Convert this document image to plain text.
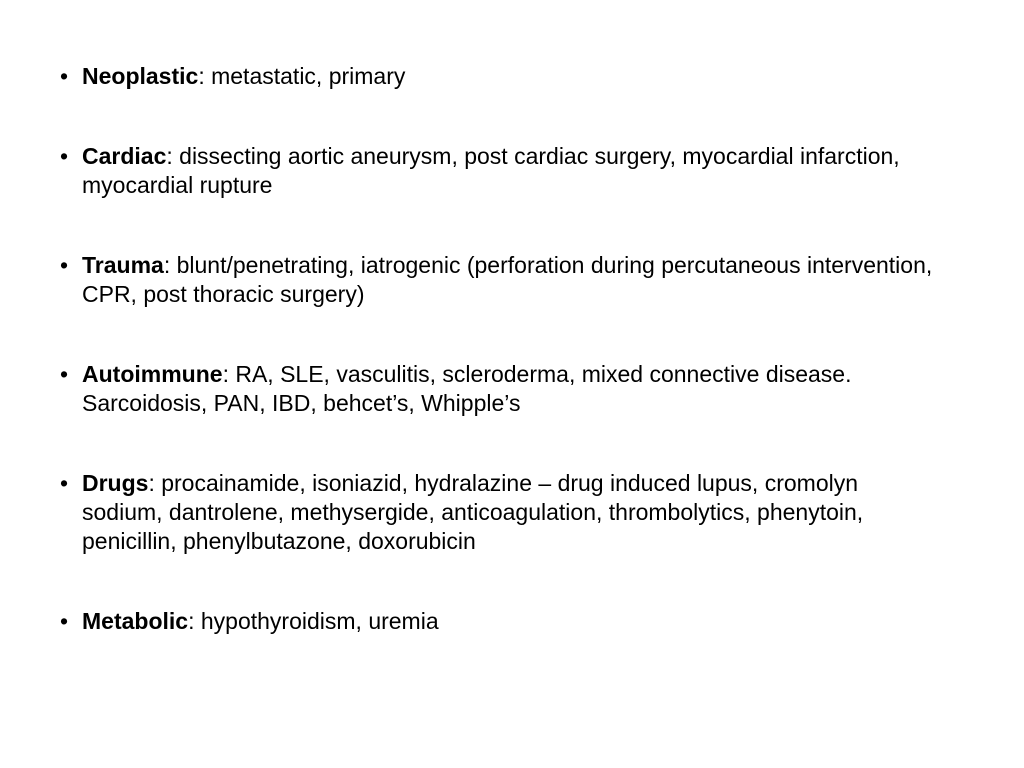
• Neoplastic: metastatic, primary
• Cardiac: dissecting aortic aneurysm, post cardiac surgery, myocardial infarction, myocardial rupture
• Trauma: blunt/penetrating, iatrogenic (perforation during percutaneous intervention, CPR, post thoracic surgery)
• Autoimmune: RA, SLE, vasculitis, scleroderma, mixed connective disease. Sarcoidosis, PAN, IBD, behcet’s, Whipple’s
• Drugs: procainamide, isoniazid, hydralazine – drug induced lupus, cromolyn sodium, dantrolene, methysergide, anticoagulation, thrombolytics, phenytoin, penicillin, phenylbutazone, doxorubicin
• Metabolic: hypothyroidism, uremia
